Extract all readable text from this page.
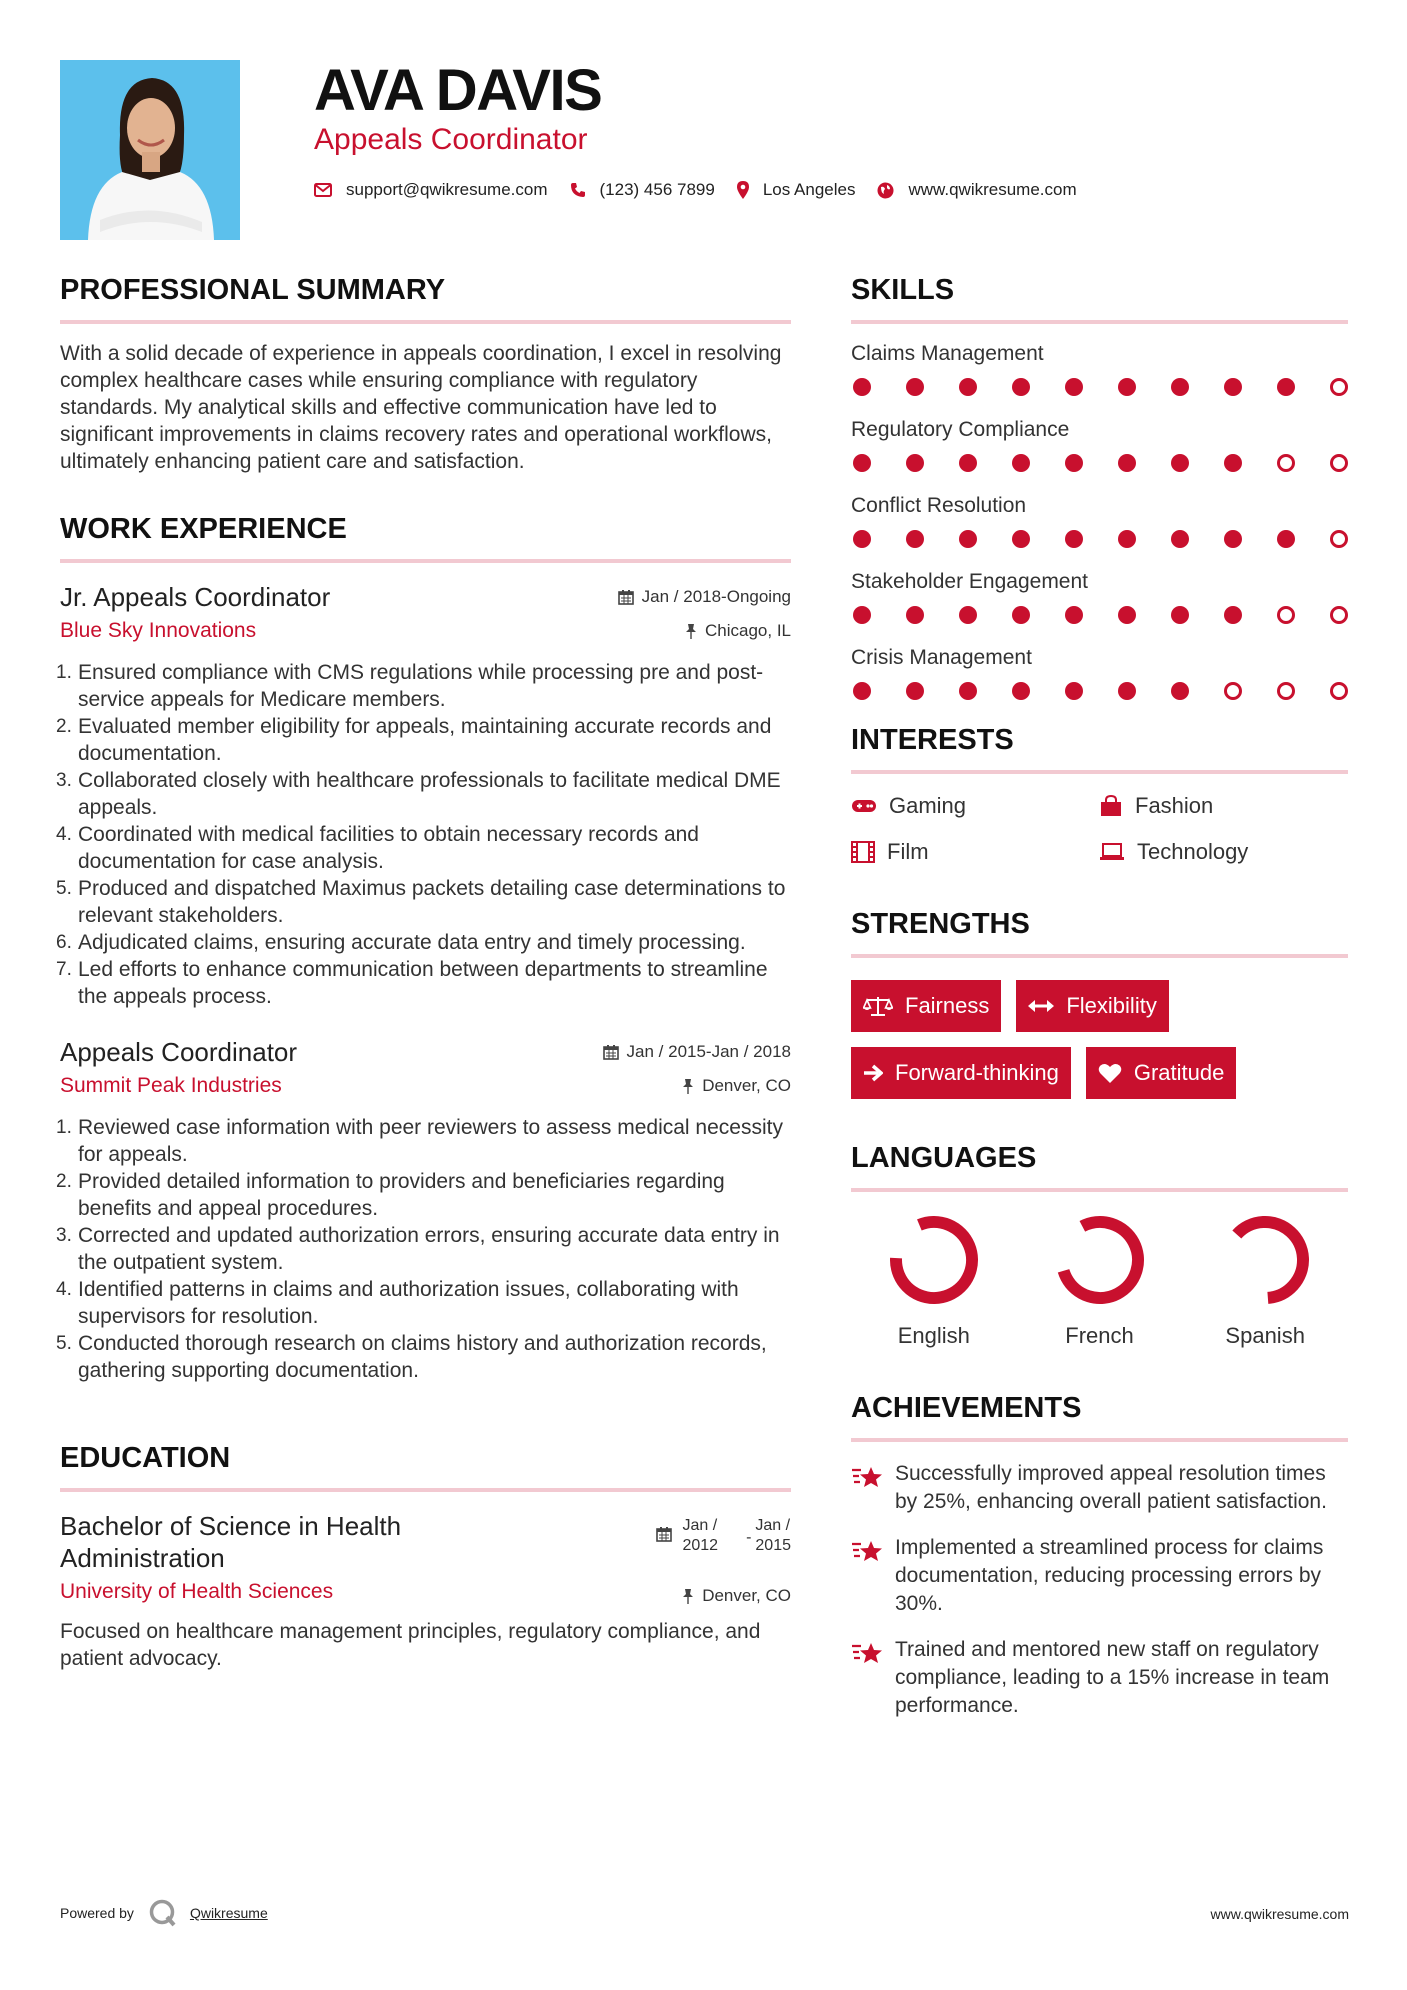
AVA DAVIS
Appeals Coordinator
support@qwikresume.com	(123) 456 7899	Los Angeles	www.qwikresume.com
PROFESSIONAL SUMMARY

With a solid decade of experience in appeals coordination, I excel in resolving complex healthcare cases while ensuring compliance with regulatory standards. My analytical skills and effective communication have led to significant improvements in claims recovery rates and operational workflows, ultimately enhancing patient care and satisfaction.

WORK EXPERIENCE
Jr. Appeals Coordinator
Blue Sky Innovations
Jan / 2018-Ongoing
Chicago, IL
1. Ensured compliance with CMS regulations while processing pre and post-service appeals for Medicare members.
2. Evaluated member eligibility for appeals, maintaining accurate records and documentation.
3. Collaborated closely with healthcare professionals to facilitate medical DME appeals.
4. Coordinated with medical facilities to obtain necessary records and documentation for case analysis.
5. Produced and dispatched Maximus packets detailing case determinations to relevant stakeholders.
6. Adjudicated claims, ensuring accurate data entry and timely processing.
7. Led efforts to enhance communication between departments to streamline the appeals process.
Appeals Coordinator
Summit Peak Industries
Jan / 2015-Jan / 2018
Denver, CO
1. Reviewed case information with peer reviewers to assess medical necessity for appeals.
2. Provided detailed information to providers and beneficiaries regarding benefits and appeal procedures.
3. Corrected and updated authorization errors, ensuring accurate data entry in the outpatient system.
4. Identified patterns in claims and authorization issues, collaborating with supervisors for resolution.
5. Conducted thorough research on claims history and authorization records, gathering supporting documentation.
EDUCATION
Bachelor of Science in Health Administration
University of Health Sciences
Jan /
2012 -
Jan /
2015
Denver, CO

Focused on healthcare management principles, regulatory compliance, and patient advocacy.

SKILLS
Claims Management
Regulatory Compliance
Conflict Resolution
Stakeholder Engagement
Crisis Management
INTERESTS
Gaming	Fashion
Film	Technology
STRENGTHS
Fairness	Flexibility
Forward-thinking	Gratitude
LANGUAGES
English	French	Spanish
ACHIEVEMENTS
Successfully improved appeal resolution times by 25%, enhancing overall patient satisfaction.
Implemented a streamlined process for claims documentation, reducing processing errors by 30%.
Trained and mentored new staff on regulatory compliance, leading to a 15% increase in team performance.
Powered by	Qwikresume	www.qwikresume.com
